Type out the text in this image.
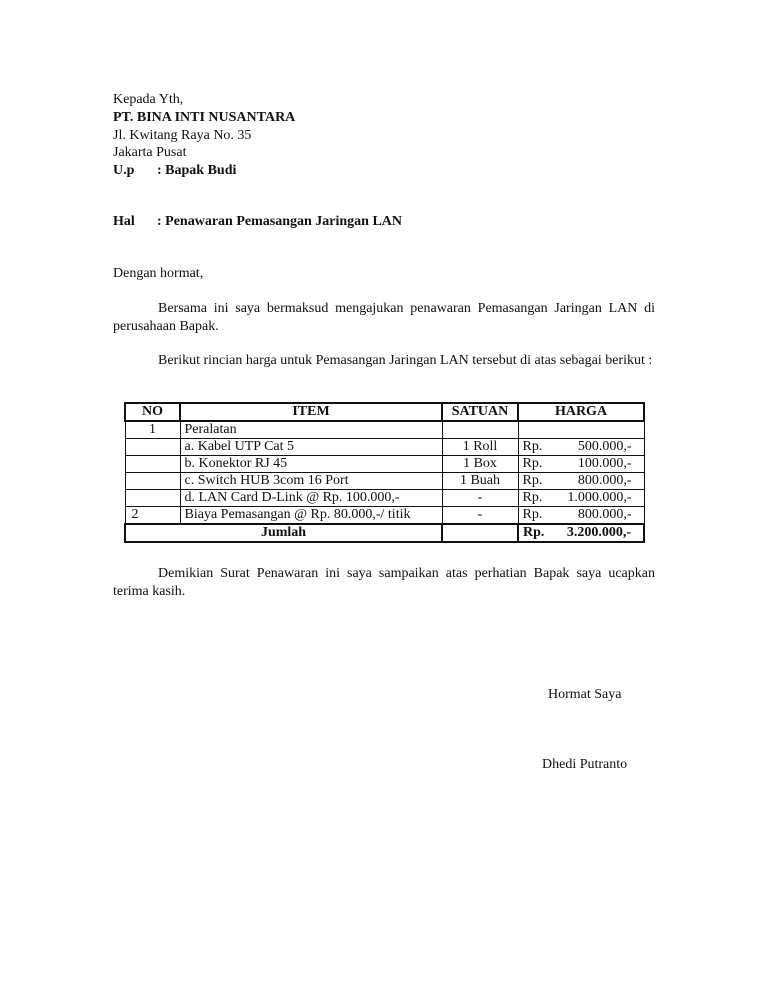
Kepada Yth,
PT. BINA INTI NUSANTARA
Jl. Kwitang Raya No. 35
Jakarta Pusat
U.p : Bapak Budi
Hal : Penawaran Pemasangan Jaringan LAN
Dengan hormat,
Bersama ini saya bermaksud mengajukan penawaran Pemasangan Jaringan LAN di perusahaan Bapak.
Berikut rincian harga untuk Pemasangan Jaringan LAN tersebut di atas sebagai berikut :
NO	ITEM	SATUAN	HARGA
1	Peralatan		

	a. Kabel UTP Cat 5	1 Roll	Rp. 500.000,-

	b. Konektor RJ 45	1 Box	Rp. 100.000,-

	c. Switch HUB 3com 16 Port	1 Buah	Rp. 800.000,-

	d. LAN Card D-Link @ Rp. 100.000,-	-	Rp. 1.000.000,-

2	Biaya Pemasangan @ Rp. 80.000,-/ titik	-	Rp. 800.000,-

Jumlah			Rp. 3.200.000,-
Demikian Surat Penawaran ini saya sampaikan atas perhatian Bapak saya ucapkan terima kasih.
Hormat Saya
Dhedi Putranto
